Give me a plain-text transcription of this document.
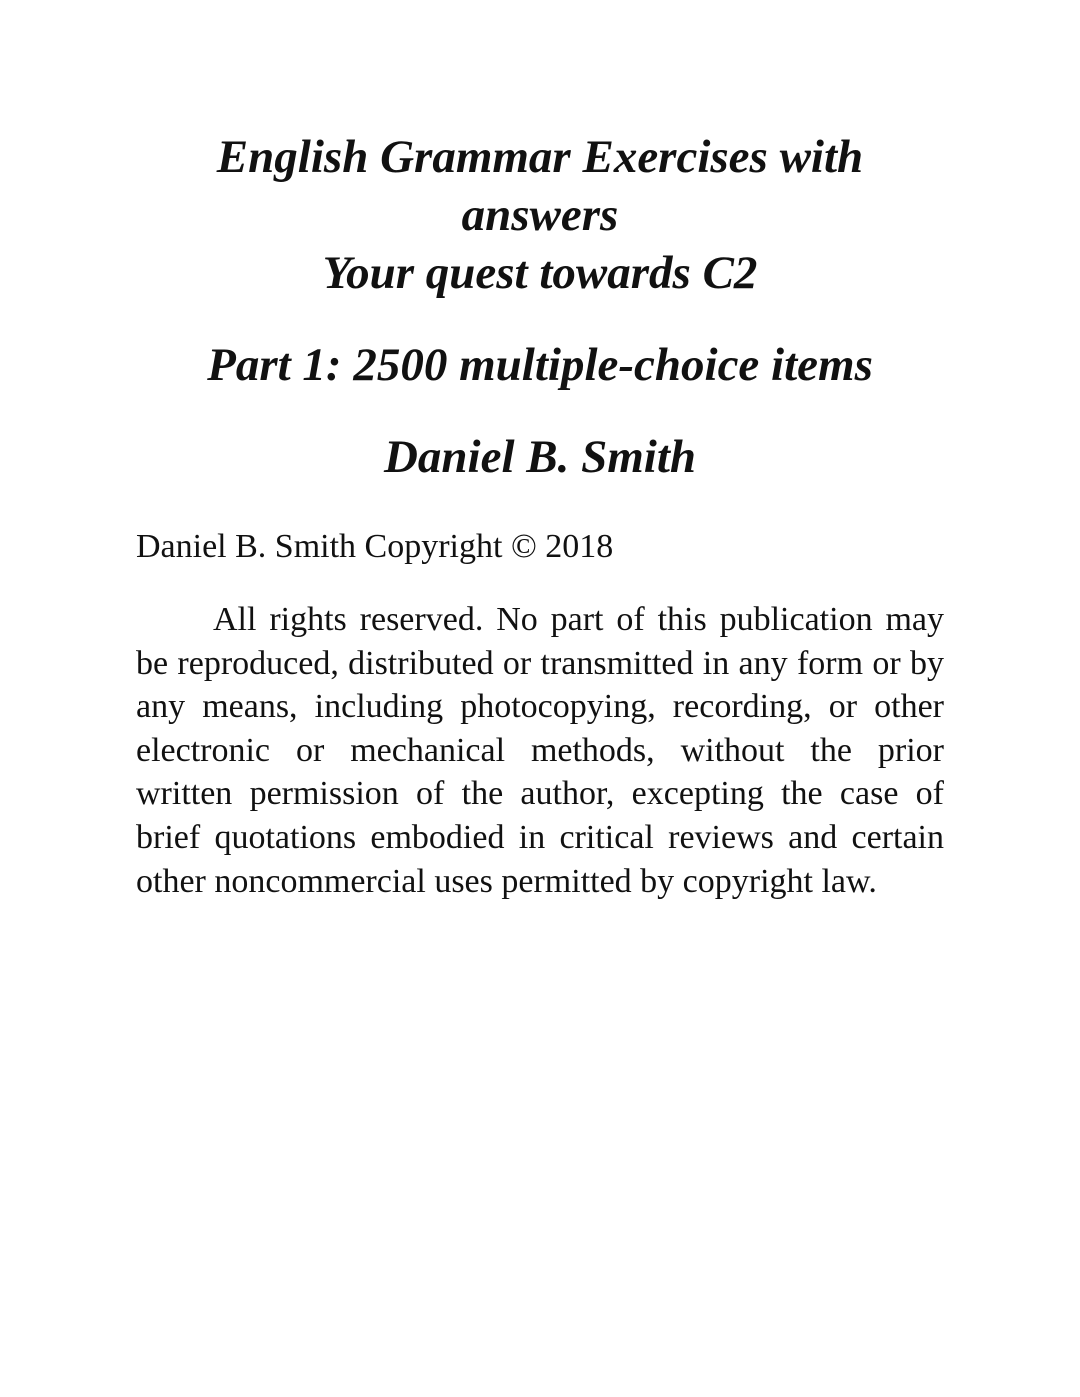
English Grammar Exercises with

answers

Your quest towards C2

Part 1: 2500 multiple-choice items

Daniel B. Smith

Daniel B. Smith Copyright © 2018

All rights reserved. No part of this publication may be reproduced, distributed or transmitted in any form or by any means, including photocopying, recording, or other electronic or mechanical methods, without the prior written permission of the author, excepting the case of brief quotations embodied in critical reviews and certain other noncommercial uses permitted by copyright law.
